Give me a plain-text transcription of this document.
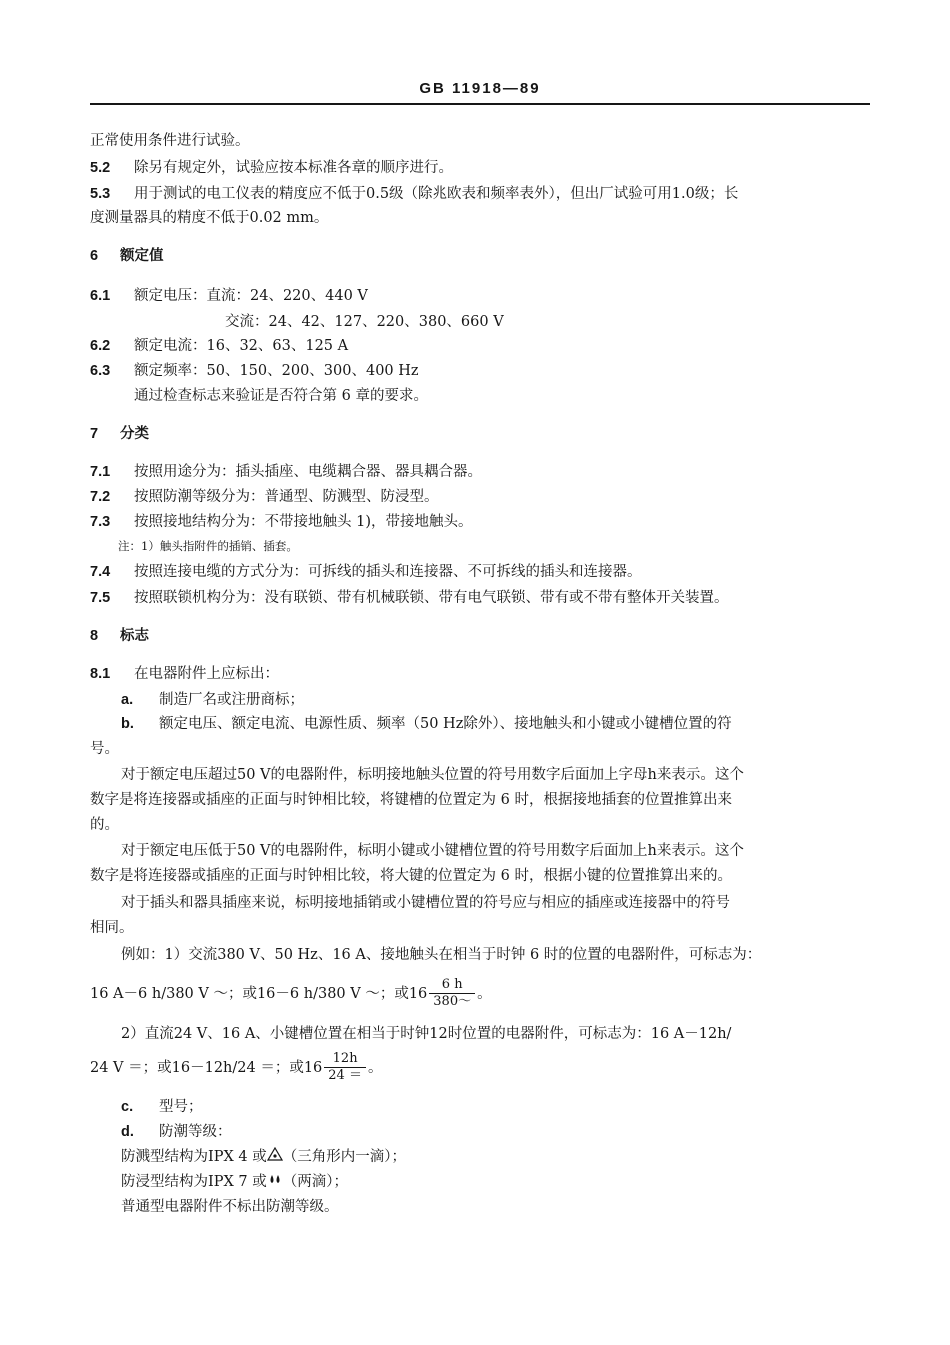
GB 11918—89
正常使用条件进行试验。
5.2 除另有规定外，试验应按本标准各章的顺序进行。
5.3 用于测试的电工仪表的精度应不低于0.5级（除兆欧表和频率表外），但出厂试验可用1.0级；长
度测量器具的精度不低于0.02 mm。
6 额定值
6.1 额定电压：直流：24、220、440 V
交流：24、42、127、220、380、660 V
6.2 额定电流：16、32、63、125 A
6.3 额定频率：50、150、200、300、400 Hz
通过检查标志来验证是否符合第 6 章的要求。
7 分类
7.1 按照用途分为：插头插座、电缆耦合器、器具耦合器。
7.2 按照防潮等级分为：普通型、防溅型、防浸型。
7.3 按照接地结构分为：不带接地触头 1)，带接地触头。
注：1）触头指附件的插销、插套。
7.4 按照连接电缆的方式分为：可拆线的插头和连接器、不可拆线的插头和连接器。
7.5 按照联锁机构分为：没有联锁、带有机械联锁、带有电气联锁、带有或不带有整体开关装置。
8 标志
8.1 在电器附件上应标出：
a. 制造厂名或注册商标；
b. 额定电压、额定电流、电源性质、频率（50 Hz除外）、接地触头和小键或小键槽位置的符
号。
对于额定电压超过50 V的电器附件，标明接地触头位置的符号用数字后面加上字母h来表示。这个
数字是将连接器或插座的正面与时钟相比较，将键槽的位置定为 6 时，根据接地插套的位置推算出来
的。
对于额定电压低于50 V的电器附件，标明小键或小键槽位置的符号用数字后面加上h来表示。这个
数字是将连接器或插座的正面与时钟相比较，将大键的位置定为 6 时，根据小键的位置推算出来的。
对于插头和器具插座来说，标明接地插销或小键槽位置的符号应与相应的插座或连接器中的符号
相同。
例如：1）交流380 V、50 Hz、16 A、接地触头在相当于时钟 6 时的位置的电器附件，可标志为：
16 A－6 h/380 V ～；或16－6 h/380 V ～；或$16 \frac{6 h}{380\sim}$ 。
2）直流24 V、16 A、小键槽位置在相当于时钟12时位置的电器附件，可标志为：16 A－12h/
24 V ＝；或16－12h/24 ＝；或$16 \frac{12h}{24 =}$ 。
c. 型号；
d. 防潮等级：
防溅型结构为IPX 4 或 （三角形内一滴）；
防浸型结构为IPX 7 或 （两滴）；
普通型电器附件不标出防潮等级。
